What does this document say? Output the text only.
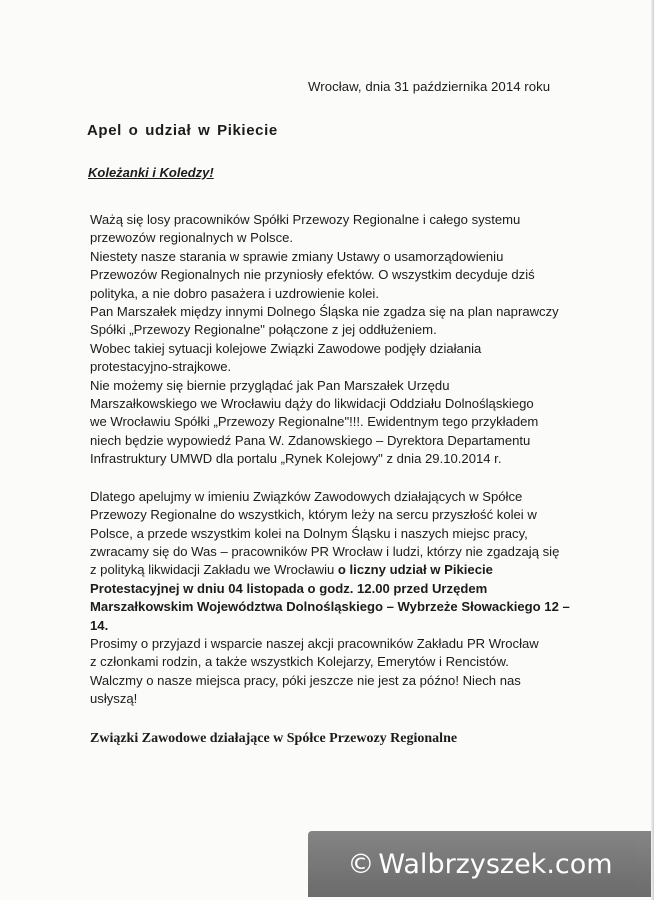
Wrocław, dnia 31 października 2014 roku
Apel o udział w Pikiecie
Koleżanki i Koledzy!
Ważą się losy pracowników Spółki Przewozy Regionalne i całego systemu
przewozów regionalnych w Polsce.
Niestety nasze starania w sprawie zmiany Ustawy o usamorządowieniu
Przewozów Regionalnych nie przyniosły efektów. O wszystkim decyduje dziś
polityka, a nie dobro pasażera i uzdrowienie kolei.
Pan Marszałek między innymi Dolnego Śląska nie zgadza się na plan naprawczy
Spółki „Przewozy Regionalne" połączone z jej oddłużeniem.
Wobec takiej sytuacji kolejowe Związki Zawodowe podjęły działania
protestacyjno-strajkowe.
Nie możemy się biernie przyglądać jak Pan Marszałek Urzędu
Marszałkowskiego we Wrocławiu dąży do likwidacji Oddziału Dolnośląskiego
we Wrocławiu Spółki „Przewozy Regionalne"!!!. Ewidentnym tego przykładem
niech będzie wypowiedź Pana W. Zdanowskiego – Dyrektora Departamentu
Infrastruktury UMWD dla portalu „Rynek Kolejowy" z dnia 29.10.2014 r.
Dlatego apelujmy w imieniu Związków Zawodowych działających w Spółce
Przewozy Regionalne do wszystkich, którym leży na sercu przyszłość kolei w
Polsce, a przede wszystkim kolei na Dolnym Śląsku i naszych miejsc pracy,
zwracamy się do Was – pracowników PR Wrocław i ludzi, którzy nie zgadzają się
z polityką likwidacji Zakładu we Wrocławiu o liczny udział w Pikiecie
Protestacyjnej w dniu 04 listopada o godz. 12.00 przed Urzędem
Marszałkowskim Województwa Dolnośląskiego – Wybrzeże Słowackiego 12 –
14.
Prosimy o przyjazd i wsparcie naszej akcji pracowników Zakładu PR Wrocław
z członkami rodzin, a także wszystkich Kolejarzy, Emerytów i Rencistów.
Walczmy o nasze miejsca pracy, póki jeszcze nie jest za późno! Niech nas
usłyszą!
Związki Zawodowe działające w Spółce Przewozy Regionalne
© Walbrzyszek.com
